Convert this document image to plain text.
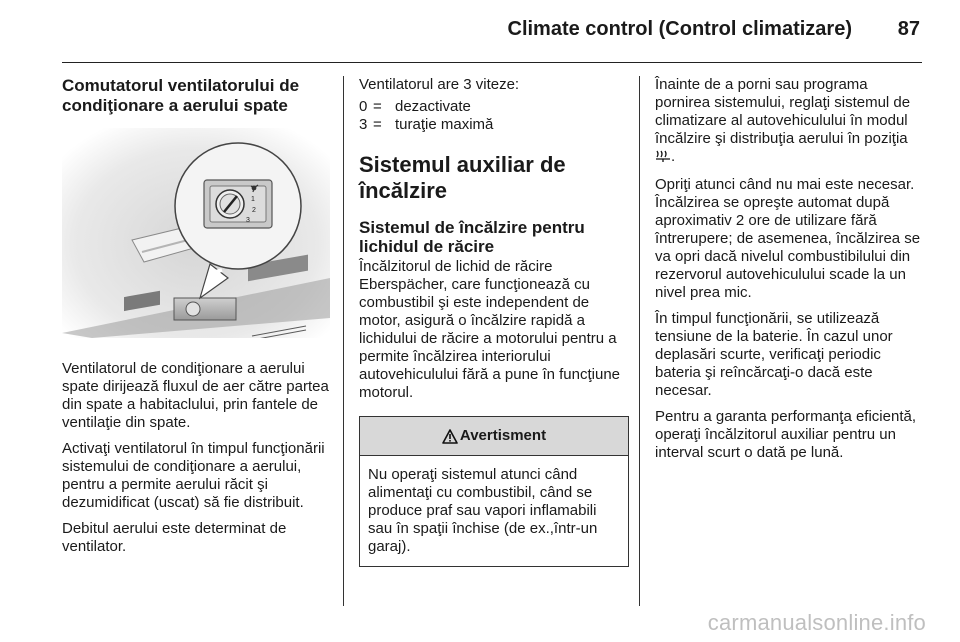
Climate control (Control climatizare) 87
Comutatorul ventilatorului de condiţionare a aerului spate
1
2
3

Ventilatorul de condiţionare a aerului spate dirijează fluxul de aer către partea din spate a habitaclului, prin fantele de ventilaţie din spate.

Activaţi ventilatorul în timpul funcţionării sistemului de condiţionare a aerului, pentru a permite aerului răcit şi dezumidificat (uscat) să fie distribuit.

Debitul aerului este determinat de ventilator.

Ventilatorul are 3 viteze:

0 = dezactivate
3 = turaţie maximă
Sistemul auxiliar de încălzire
Sistemul de încălzire pentru lichidul de răcire

Încălzitorul de lichid de răcire Eberspächer, care funcţionează cu combustibil şi este independent de motor, asigură o încălzire rapidă a lichidului de răcire a motorului pentru a permite încălzirea interiorului autovehiculului fără a pune în funcţiune motorul.

Avertisment
Nu operaţi sistemul atunci când alimentaţi cu combustibil, când se produce praf sau vapori inflamabili sau în spaţii închise (de ex.,într-un garaj).

Înainte de a porni sau programa pornirea sistemului, reglaţi sistemul de climatizare al autovehiculului în modul încălzire şi distribuţia aerului în poziţia .

Opriţi atunci când nu mai este necesar. Încălzirea se opreşte automat după aproximativ 2 ore de utilizare fără întrerupere; de asemenea, încălzirea se va opri dacă nivelul combustibilului din rezervorul autovehiculului scade la un nivel prea mic.

În timpul funcţionării, se utilizează tensiune de la baterie. În cazul unor deplasări scurte, verificaţi periodic bateria şi reîncărcaţi-o dacă este necesar.

Pentru a garanta performanţa eficientă, operaţi încălzitorul auxiliar pentru un interval scurt o dată pe lună.

carmanualsonline.info
